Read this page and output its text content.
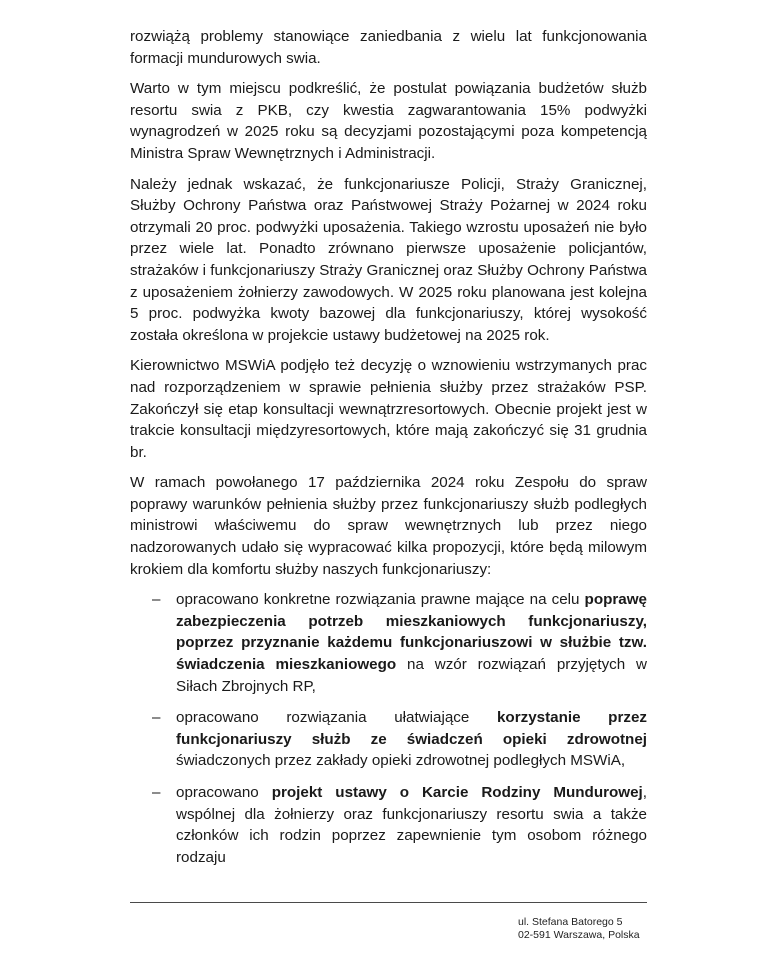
rozwiążą problemy stanowiące zaniedbania z wielu lat funkcjonowania formacji mundurowych swia.

Warto w tym miejscu podkreślić, że postulat powiązania budżetów służb resortu swia z PKB, czy kwestia zagwarantowania 15% podwyżki wynagrodzeń w 2025 roku są decyzjami pozostającymi poza kompetencją Ministra Spraw Wewnętrznych i Administracji.

Należy jednak wskazać, że funkcjonariusze Policji, Straży Granicznej, Służby Ochrony Państwa oraz Państwowej Straży Pożarnej w 2024 roku otrzymali 20 proc. podwyżki uposażenia. Takiego wzrostu uposażeń nie było przez wiele lat. Ponadto zrównano pierwsze uposażenie policjantów, strażaków i funkcjonariuszy Straży Granicznej oraz Służby Ochrony Państwa z uposażeniem żołnierzy zawodowych. W 2025 roku planowana jest kolejna 5 proc. podwyżka kwoty bazowej dla funkcjonariuszy, której wysokość została określona w projekcie ustawy budżetowej na 2025 rok.

Kierownictwo MSWiA podjęło też decyzję o wznowieniu wstrzymanych prac nad rozporządzeniem w sprawie pełnienia służby przez strażaków PSP. Zakończył się etap konsultacji wewnątrzresortowych. Obecnie projekt jest w trakcie konsultacji międzyresortowych, które mają zakończyć się 31 grudnia br.

W ramach powołanego 17 października 2024 roku Zespołu do spraw poprawy warunków pełnienia służby przez funkcjonariuszy służb podległych ministrowi właściwemu do spraw wewnętrznych lub przez niego nadzorowanych udało się wypracować kilka propozycji, które będą milowym krokiem dla komfortu służby naszych funkcjonariuszy:

– opracowano konkretne rozwiązania prawne mające na celu poprawę zabezpieczenia potrzeb mieszkaniowych funkcjonariuszy, poprzez przyznanie każdemu funkcjonariuszowi w służbie tzw. świadczenia mieszkaniowego na wzór rozwiązań przyjętych w Siłach Zbrojnych RP,
– opracowano rozwiązania ułatwiające korzystanie przez funkcjonariuszy służb ze świadczeń opieki zdrowotnej świadczonych przez zakłady opieki zdrowotnej podległych MSWiA,
– opracowano projekt ustawy o Karcie Rodziny Mundurowej, wspólnej dla żołnierzy oraz funkcjonariuszy resortu swia a także członków ich rodzin poprzez zapewnienie tym osobom różnego rodzaju
ul. Stefana Batorego 5
02-591 Warszawa, Polska
